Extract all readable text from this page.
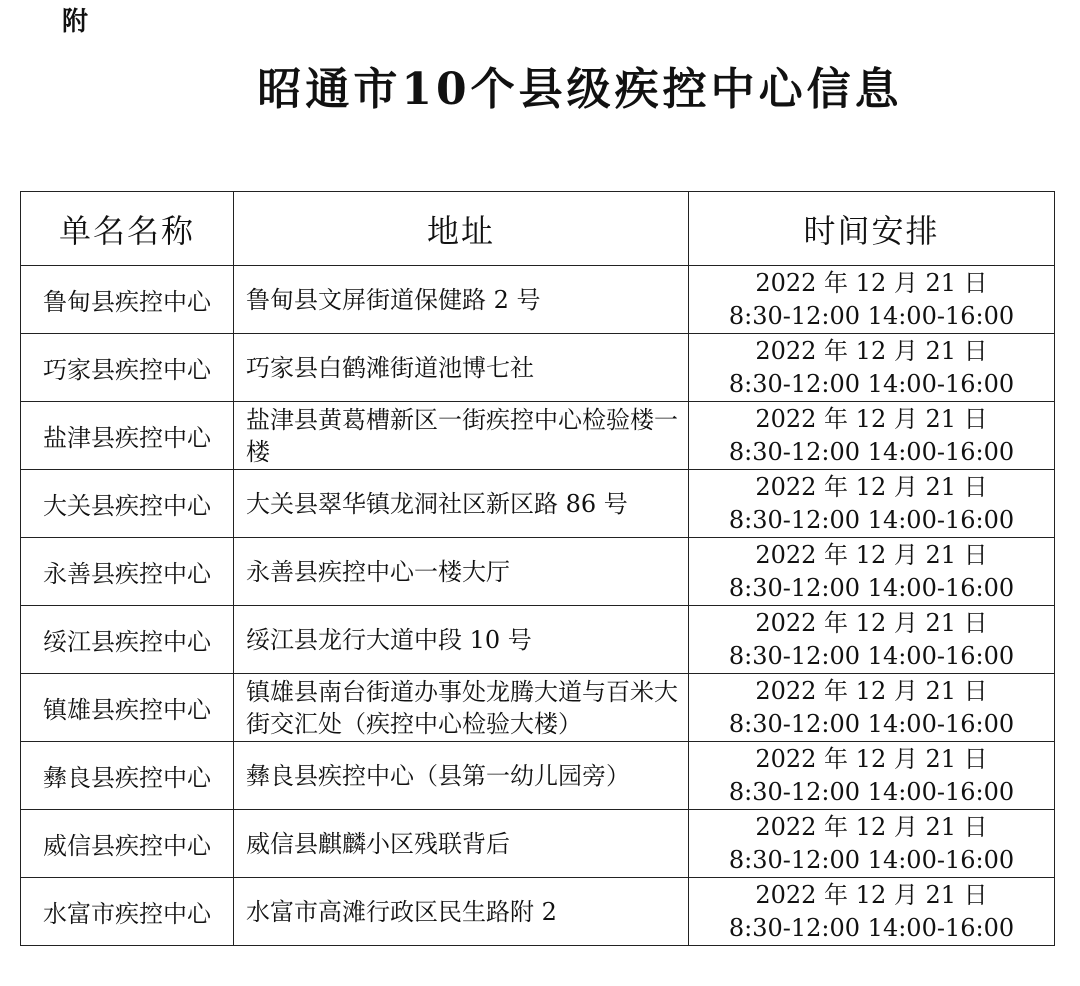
附
昭通市10个县级疾控中心信息
单名名称	地址	时间安排
鲁甸县疾控中心	鲁甸县文屏街道保健路 2 号	2022 年 12 月 21 日
8:30-12:00 14:00-16:00

巧家县疾控中心	巧家县白鹤滩街道池博七社	2022 年 12 月 21 日
8:30-12:00 14:00-16:00

盐津县疾控中心	盐津县黄葛槽新区一街疾控中心检验楼一楼	2022 年 12 月 21 日
8:30-12:00 14:00-16:00

大关县疾控中心	大关县翠华镇龙洞社区新区路 86 号	2022 年 12 月 21 日
8:30-12:00 14:00-16:00

永善县疾控中心	永善县疾控中心一楼大厅	2022 年 12 月 21 日
8:30-12:00 14:00-16:00

绥江县疾控中心	绥江县龙行大道中段 10 号	2022 年 12 月 21 日
8:30-12:00 14:00-16:00

镇雄县疾控中心	镇雄县南台街道办事处龙腾大道与百米大街交汇处（疾控中心检验大楼）	2022 年 12 月 21 日
8:30-12:00 14:00-16:00

彝良县疾控中心	彝良县疾控中心（县第一幼儿园旁）	2022 年 12 月 21 日
8:30-12:00 14:00-16:00

威信县疾控中心	威信县麒麟小区残联背后	2022 年 12 月 21 日
8:30-12:00 14:00-16:00

水富市疾控中心	水富市高滩行政区民生路附 2	2022 年 12 月 21 日
8:30-12:00 14:00-16:00
